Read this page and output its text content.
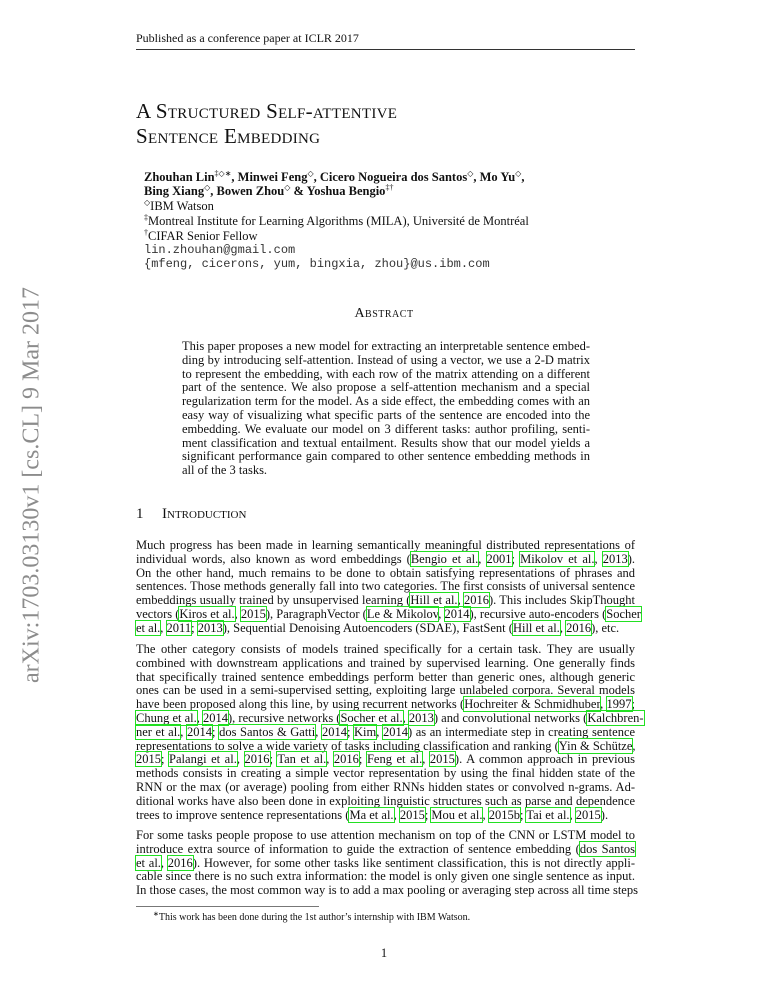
arXiv:1703.03130v1 [cs.CL] 9 Mar 2017
Published as a conference paper at ICLR 2017
A Structured Self-attentive
Sentence Embedding
Zhouhan Lin‡◇∗, Minwei Feng◇, Cicero Nogueira dos Santos◇, Mo Yu◇,
Bing Xiang◇, Bowen Zhou◇ & Yoshua Bengio‡†
◇IBM Watson
‡Montreal Institute for Learning Algorithms (MILA), Université de Montréal
†CIFAR Senior Fellow
lin.zhouhan@gmail.com
{mfeng, cicerons, yum, bingxia, zhou}@us.ibm.com
Abstract
This paper proposes a new model for extracting an interpretable sentence embed-
ding by introducing self-attention. Instead of using a vector, we use a 2-D matrix
to represent the embedding, with each row of the matrix attending on a different
part of the sentence. We also propose a self-attention mechanism and a special
regularization term for the model. As a side effect, the embedding comes with an
easy way of visualizing what specific parts of the sentence are encoded into the
embedding. We evaluate our model on 3 different tasks: author profiling, senti-
ment classification and textual entailment. Results show that our model yields a
significant performance gain compared to other sentence embedding methods in
all of the 3 tasks.
1 Introduction
Much progress has been made in learning semantically meaningful distributed representations of
individual words, also known as word embeddings (Bengio et al., 2001; Mikolov et al., 2013).
On the other hand, much remains to be done to obtain satisfying representations of phrases and
sentences. Those methods generally fall into two categories. The first consists of universal sentence
embeddings usually trained by unsupervised learning (Hill et al., 2016). This includes SkipThought
vectors (Kiros et al., 2015), ParagraphVector (Le & Mikolov, 2014), recursive auto-encoders (Socher
et al., 2011; 2013), Sequential Denoising Autoencoders (SDAE), FastSent (Hill et al., 2016), etc.
The other category consists of models trained specifically for a certain task. They are usually
combined with downstream applications and trained by supervised learning. One generally finds
that specifically trained sentence embeddings perform better than generic ones, although generic
ones can be used in a semi-supervised setting, exploiting large unlabeled corpora. Several models
have been proposed along this line, by using recurrent networks (Hochreiter & Schmidhuber, 1997;
Chung et al., 2014), recursive networks (Socher et al., 2013) and convolutional networks (Kalchbren-
ner et al., 2014; dos Santos & Gatti, 2014; Kim, 2014) as an intermediate step in creating sentence
representations to solve a wide variety of tasks including classification and ranking (Yin & Schütze,
2015; Palangi et al., 2016; Tan et al., 2016; Feng et al., 2015). A common approach in previous
methods consists in creating a simple vector representation by using the final hidden state of the
RNN or the max (or average) pooling from either RNNs hidden states or convolved n-grams. Ad-
ditional works have also been done in exploiting linguistic structures such as parse and dependence
trees to improve sentence representations (Ma et al., 2015; Mou et al., 2015b; Tai et al., 2015).
For some tasks people propose to use attention mechanism on top of the CNN or LSTM model to
introduce extra source of information to guide the extraction of sentence embedding (dos Santos
et al., 2016). However, for some other tasks like sentiment classification, this is not directly appli-
cable since there is no such extra information: the model is only given one single sentence as input.
In those cases, the most common way is to add a max pooling or averaging step across all time steps
∗This work has been done during the 1st author’s internship with IBM Watson.
1
